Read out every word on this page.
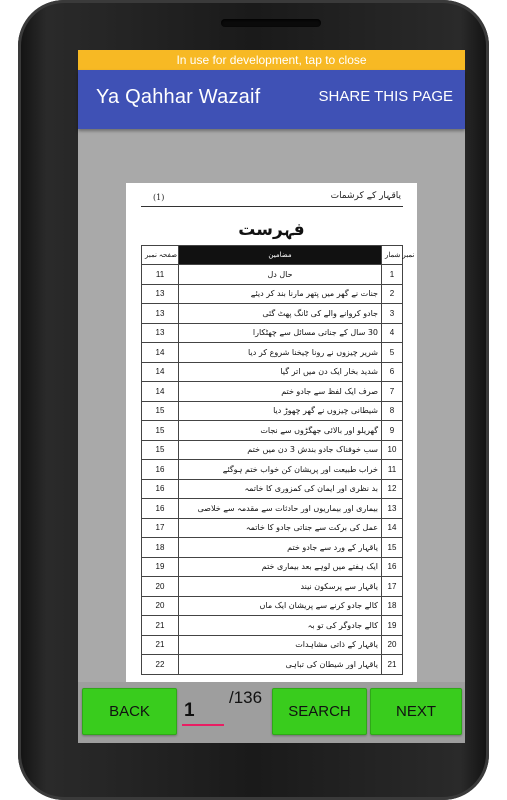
In use for development, tap to close
Ya Qahhar Wazaif	SHARE THIS PAGE
(1)	یاقہار کے کرشمات
فہرست
صفحہ نمبر	مضامین	نمبر شمار
11	حال دل	1
13	جنات نے گھر میں پتھر مارنا بند کر دیئے	2
13	جادو کروانے والے کی ٹانگ پھٹ گئی	3
13	30 سال کے جناتی مسائل سے چھٹکارا	4
14	شریر چیزوں نے رونا چیخنا شروع کر دیا	5
14	شدید بخار ایک دن میں اتر گیا	6
14	صرف ایک لفظ سے جادو ختم	7
15	شیطانی چیزوں نے گھر چھوڑ دیا	8
15	گھریلو اور بالائی جھگڑوں سے نجات	9
15	سب خوفناک جادو بندش 3 دن میں ختم	10
16	خراب طبیعت اور پریشان کن خواب ختم ہوگئے	11
16	بد نظری اور ایمان کی کمزوری کا خاتمہ	12
16	بیماری اور بیماریوں اور حادثات سے مقدمہ سے خلاصی	13
17	عمل کی برکت سے جناتی جادو کا خاتمہ	14
18	یاقہار کے ورد سے جادو ختم	15
19	ایک ہفتے میں لوہے بعد بیماری ختم	16
20	یاقہار سے پرسکون نیند	17
20	کالے جادو کرنے سے پریشان ایک ماں	18
21	کالے جادوگر کی تو بہ	19
21	یاقہار کے ذاتی مشاہدات	20
22	یاقہار اور شیطان کی تباہی	21
BACK
1
/136
SEARCH	NEXT
